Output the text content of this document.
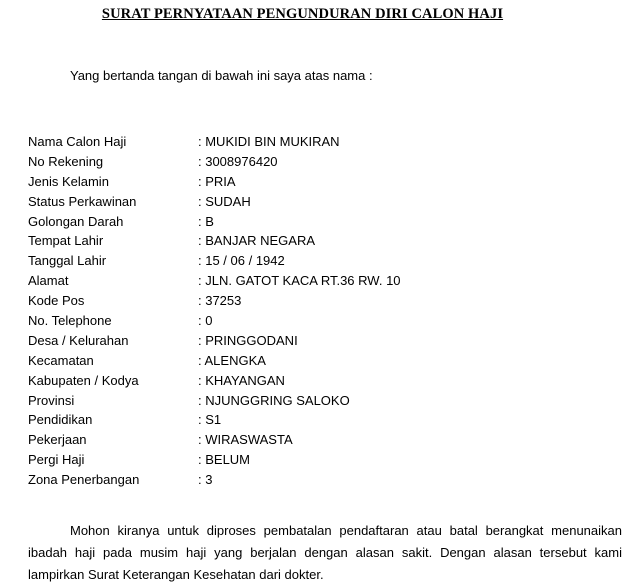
SURAT PERNYATAAN PENGUNDURAN DIRI CALON HAJI
Yang bertanda tangan di bawah ini saya atas nama :
Nama Calon Haji	: MUKIDI BIN MUKIRAN
No Rekening	: 3008976420
Jenis Kelamin	: PRIA
Status Perkawinan	: SUDAH
Golongan Darah	: B
Tempat Lahir	: BANJAR NEGARA
Tanggal Lahir	: 15 / 06 / 1942
Alamat	: JLN. GATOT KACA RT.36 RW. 10
Kode Pos	: 37253
No. Telephone	: 0
Desa / Kelurahan	: PRINGGODANI
Kecamatan	: ALENGKA
Kabupaten / Kodya	: KHAYANGAN
Provinsi	: NJUNGGRING SALOKO
Pendidikan	: S1
Pekerjaan	: WIRASWASTA
Pergi Haji	: BELUM
Zona Penerbangan	: 3
Mohon kiranya untuk diproses pembatalan pendaftaran atau batal berangkat menunaikan ibadah haji pada musim haji yang berjalan dengan alasan sakit. Dengan alasan tersebut kami lampirkan Surat Keterangan Kesehatan dari dokter.
